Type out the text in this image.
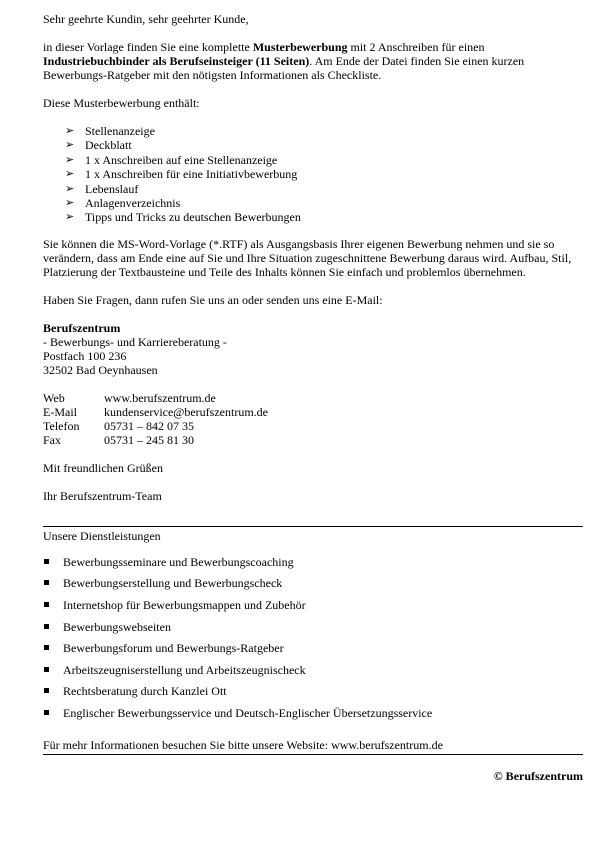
Sehr geehrte Kundin, sehr geehrter Kunde,

in dieser Vorlage finden Sie eine komplette Musterbewerbung mit 2 Anschreiben für einen Industriebuchbinder als Berufseinsteiger (11 Seiten). Am Ende der Datei finden Sie einen kurzen Bewerbungs-Ratgeber mit den nötigsten Informationen als Checkliste.

Diese Musterbewerbung enthält:

➢ Stellenanzeige
➢ Deckblatt
➢ 1 x Anschreiben auf eine Stellenanzeige
➢ 1 x Anschreiben für eine Initiativbewerbung
➢ Lebenslauf
➢ Anlagenverzeichnis
➢ Tipps und Tricks zu deutschen Bewerbungen

Sie können die MS-Word-Vorlage (*.RTF) als Ausgangsbasis Ihrer eigenen Bewerbung nehmen und sie so verändern, dass am Ende eine auf Sie und Ihre Situation zugeschnittene Bewerbung daraus wird. Aufbau, Stil, Platzierung der Textbausteine und Teile des Inhalts können Sie einfach und problemlos übernehmen.

Haben Sie Fragen, dann rufen Sie uns an oder senden uns eine E-Mail:

Berufszentrum

- Bewerbungs- und Karriereberatung -

Postfach 100 236

32502 Bad Oeynhausen

Web	www.berufszentrum.de
E-Mail	kundenservice@berufszentrum.de
Telefon	05731 – 842 07 35
Fax	05731 – 245 81 30

Mit freundlichen Grüßen

Ihr Berufszentrum-Team

Unsere Dienstleistungen

Bewerbungsseminare und Bewerbungscoaching
Bewerbungserstellung und Bewerbungscheck
Internetshop für Bewerbungsmappen und Zubehör
Bewerbungswebseiten
Bewerbungsforum und Bewerbungs-Ratgeber
Arbeitszeugniserstellung und Arbeitszeugnischeck
Rechtsberatung durch Kanzlei Ott
Englischer Bewerbungsservice und Deutsch-Englischer Übersetzungsservice

Für mehr Informationen besuchen Sie bitte unsere Website: www.berufszentrum.de

© Berufszentrum
